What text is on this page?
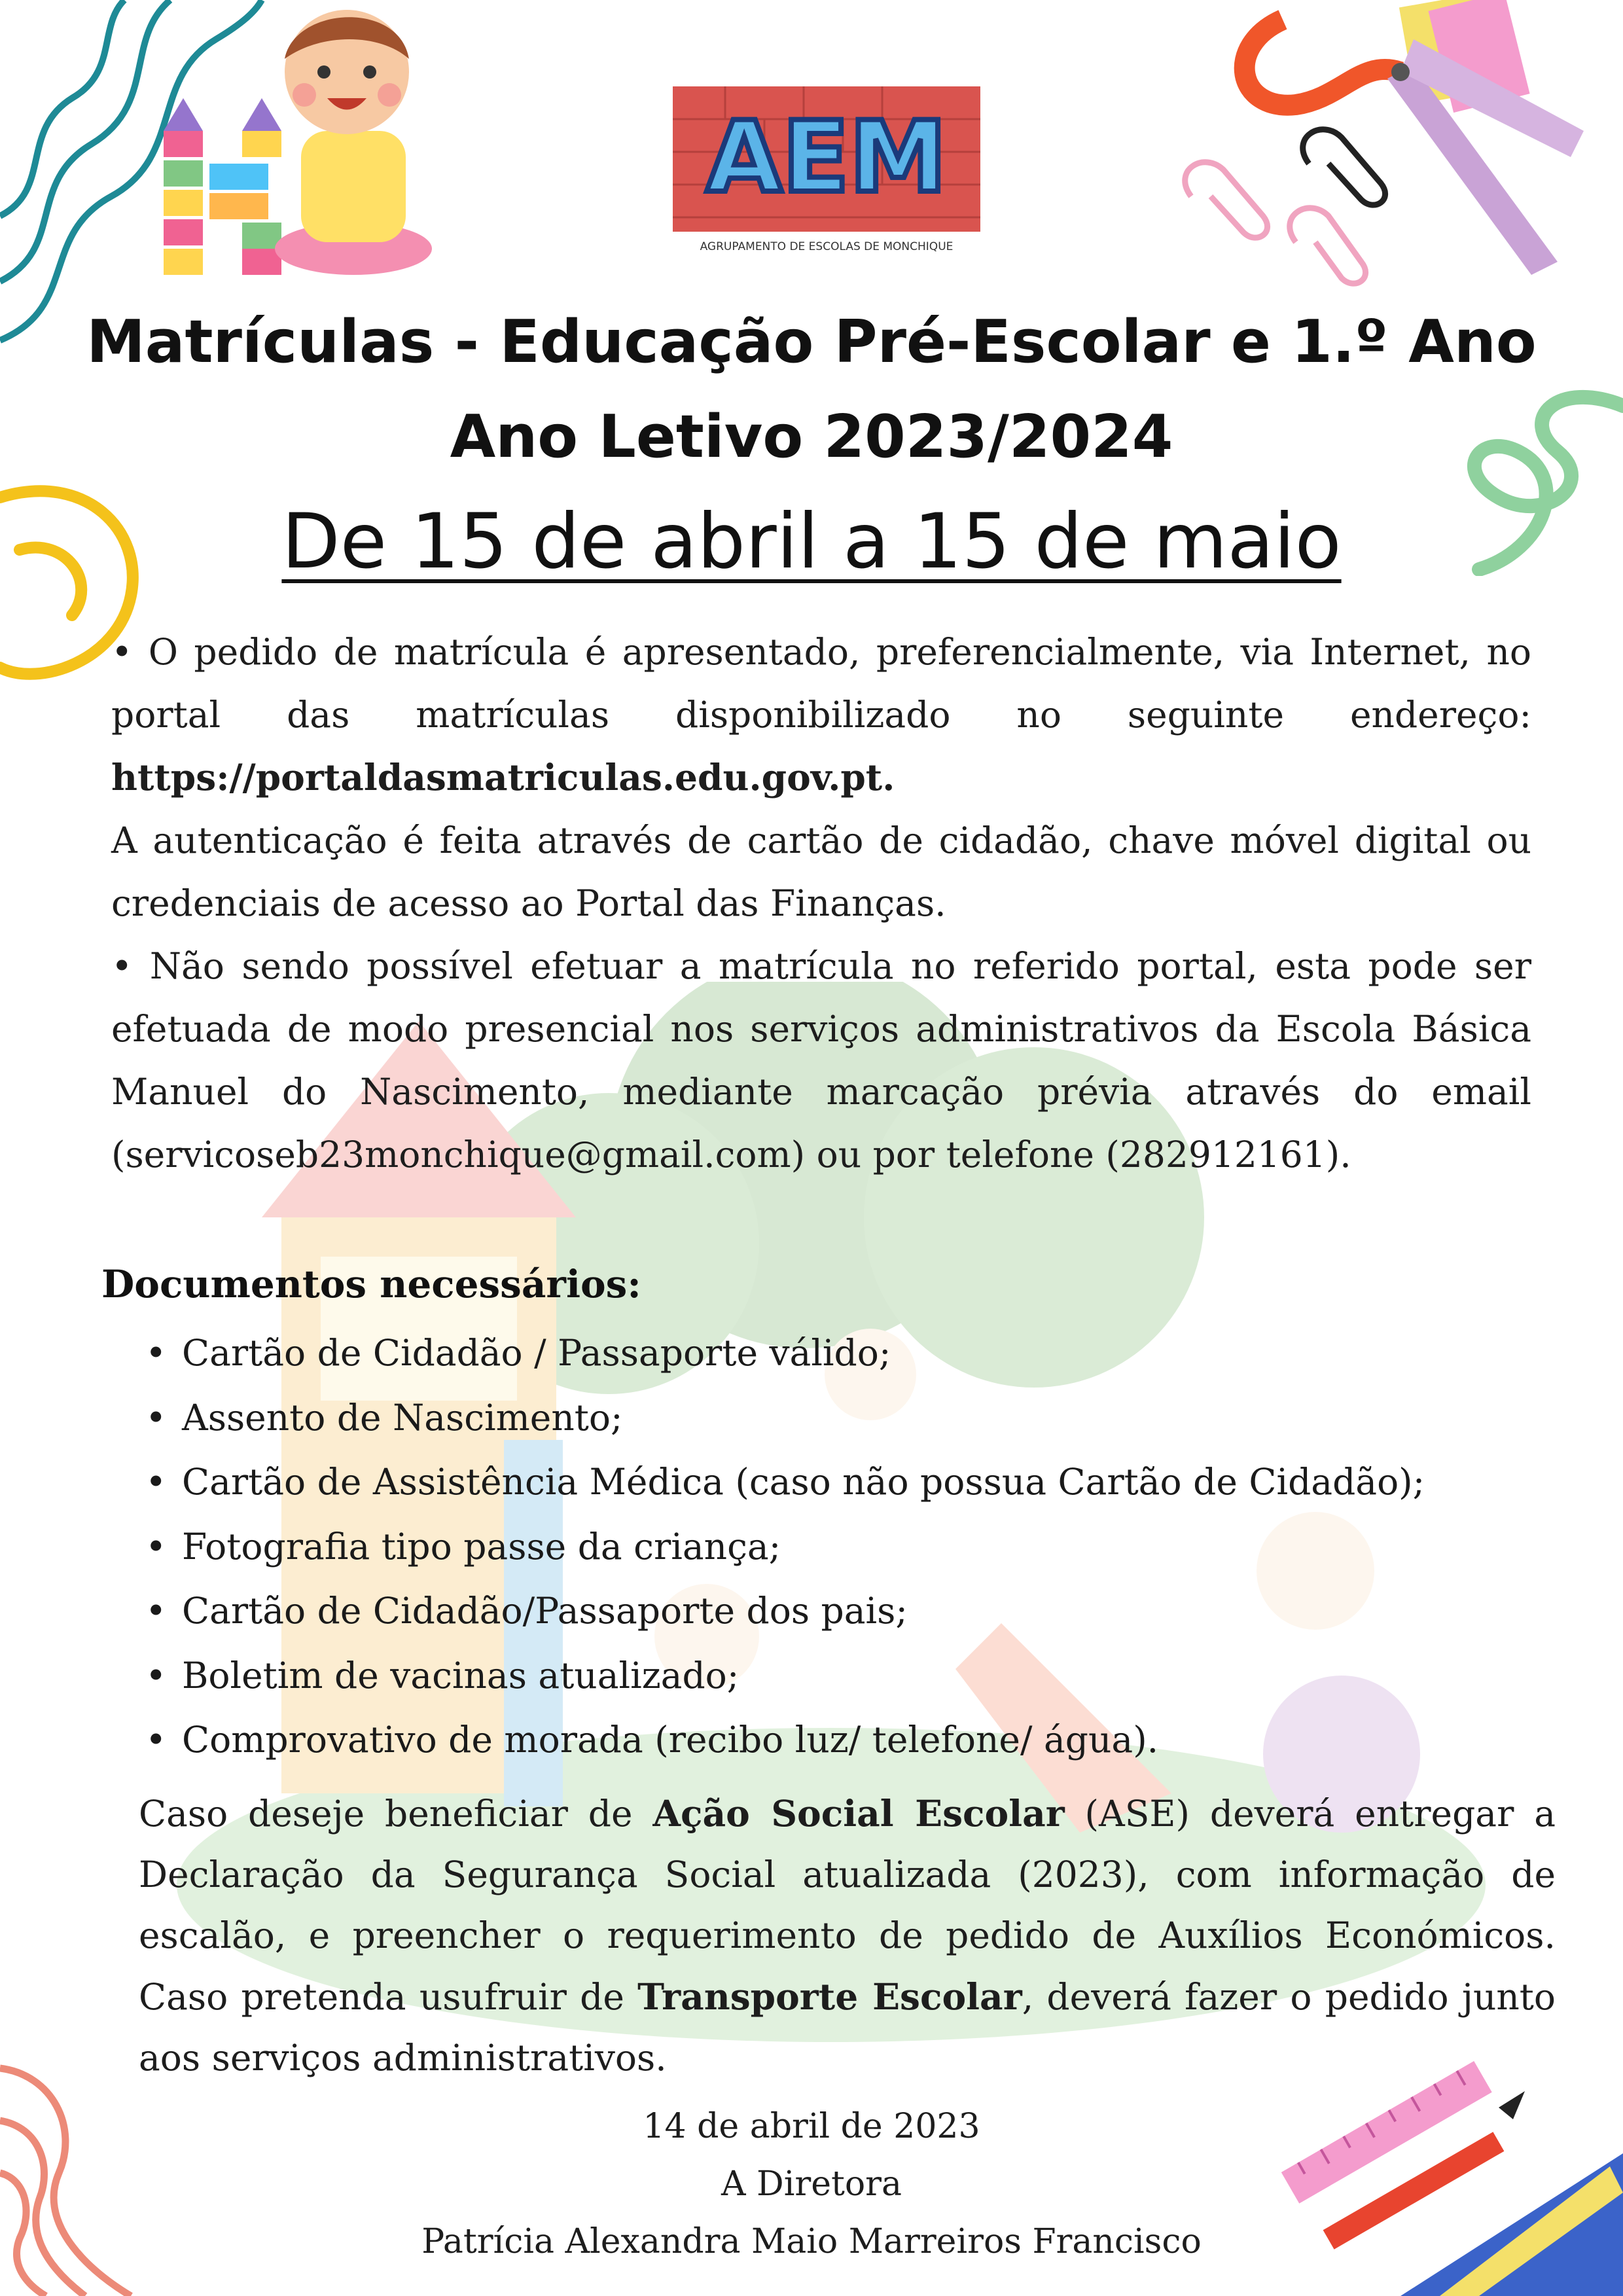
AEM
AGRUPAMENTO DE ESCOLAS DE MONCHIQUE
Matrículas - Educação Pré-Escolar e 1.º Ano
Ano Letivo 2023/2024
De 15 de abril a 15 de maio
• O pedido de matrícula é apresentado, preferencialmente, via Internet, no portal das matrículas disponibilizado no seguinte endereço: https://portaldasmatriculas.edu.gov.pt.
A autenticação é feita através de cartão de cidadão, chave móvel digital ou credenciais de acesso ao Portal das Finanças.
• Não sendo possível efetuar a matrícula no referido portal, esta pode ser efetuada de modo presencial nos serviços administrativos da Escola Básica Manuel do Nascimento, mediante marcação prévia através do email (servicoseb23monchique@gmail.com) ou por telefone (282912161).
Documentos necessários:
• Cartão de Cidadão / Passaporte válido;
• Assento de Nascimento;
• Cartão de Assistência Médica (caso não possua Cartão de Cidadão);
• Fotografia tipo passe da criança;
• Cartão de Cidadão/Passaporte dos pais;
• Boletim de vacinas atualizado;
• Comprovativo de morada (recibo luz/ telefone/ água).
Caso deseje beneficiar de Ação Social Escolar (ASE) deverá entregar a Declaração da Segurança Social atualizada (2023), com informação de escalão, e preencher o requerimento de pedido de Auxílios Económicos. Caso pretenda usufruir de Transporte Escolar, deverá fazer o pedido junto aos serviços administrativos.
14 de abril de 2023
A Diretora
Patrícia Alexandra Maio Marreiros Francisco
